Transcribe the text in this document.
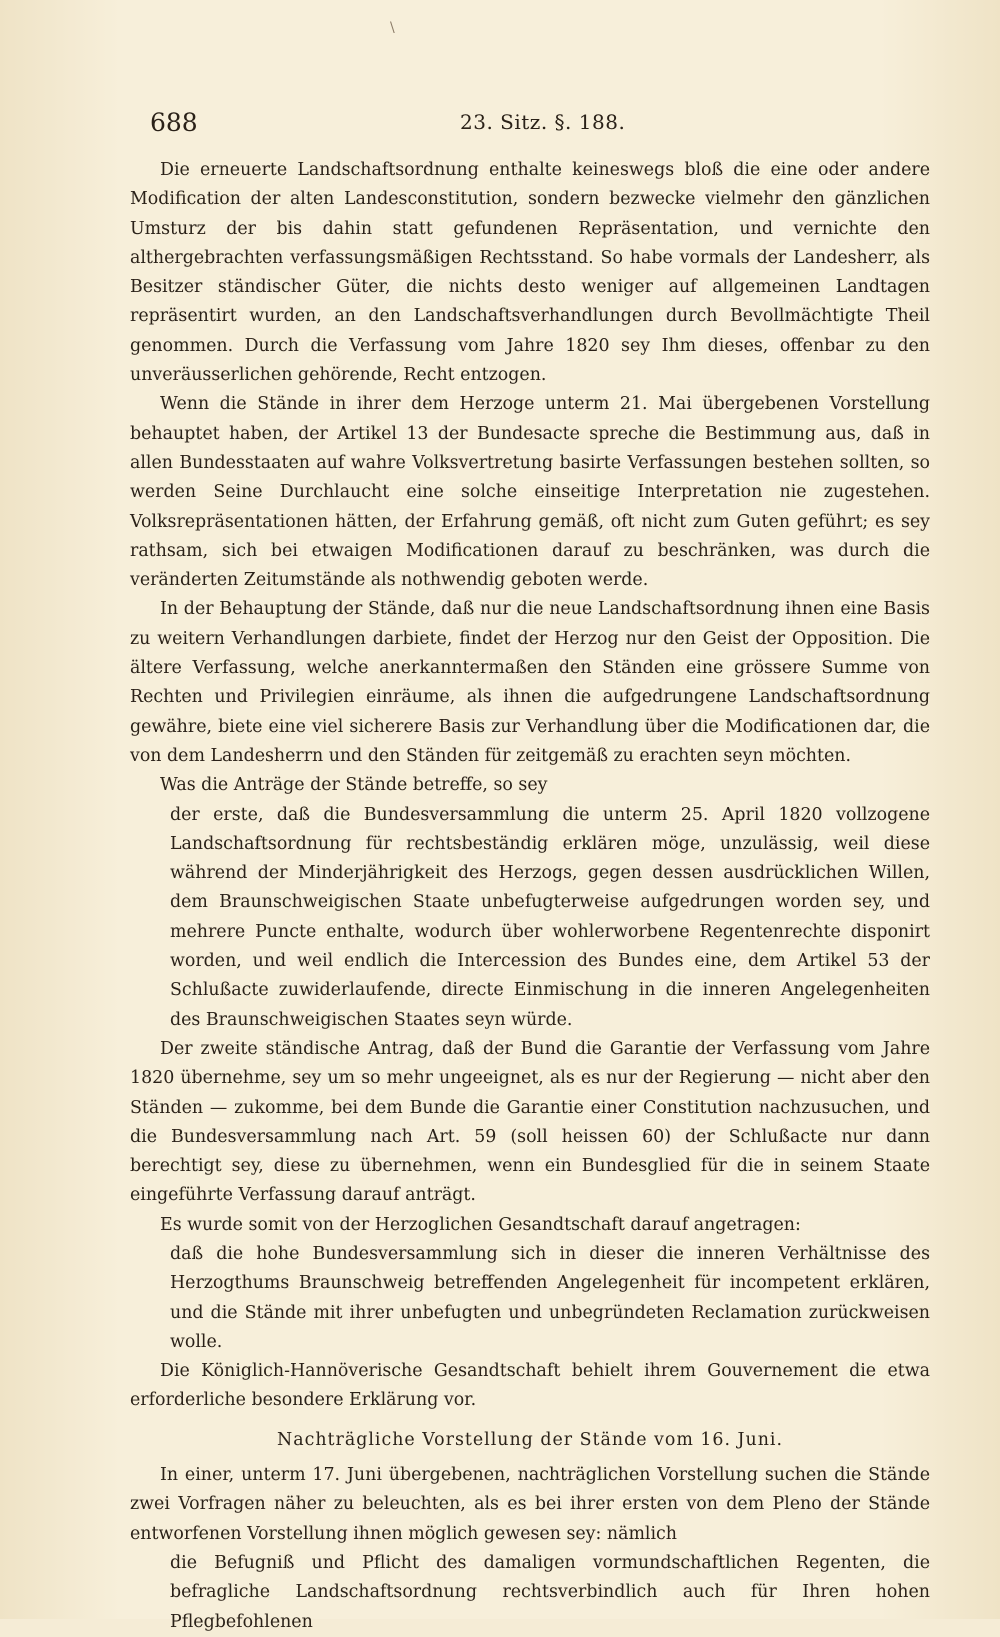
\
688	23. Sitz. §. 188.

Die erneuerte Landschaftsordnung enthalte keineswegs bloß die eine oder andere Modification der alten Landesconstitution, sondern bezwecke vielmehr den gänzlichen Umsturz der bis dahin statt gefundenen Repräsentation, und vernichte den althergebrachten verfassungsmäßigen Rechtsstand. So habe vormals der Landesherr, als Besitzer ständischer Güter, die nichts desto weniger auf allgemeinen Landtagen repräsentirt wurden, an den Landschaftsverhandlungen durch Bevollmächtigte Theil genommen. Durch die Verfassung vom Jahre 1820 sey Ihm dieses, offenbar zu den unveräusserlichen gehörende, Recht entzogen.

Wenn die Stände in ihrer dem Herzoge unterm 21. Mai übergebenen Vorstellung behauptet haben, der Artikel 13 der Bundesacte spreche die Bestimmung aus, daß in allen Bundesstaaten auf wahre Volksvertretung basirte Verfassungen bestehen sollten, so werden Seine Durchlaucht eine solche einseitige Interpretation nie zugestehen. Volksrepräsentationen hätten, der Erfahrung gemäß, oft nicht zum Guten geführt; es sey rathsam, sich bei etwaigen Modificationen darauf zu beschränken, was durch die veränderten Zeitumstände als nothwendig geboten werde.

In der Behauptung der Stände, daß nur die neue Landschaftsordnung ihnen eine Basis zu weitern Verhandlungen darbiete, findet der Herzog nur den Geist der Opposition. Die ältere Verfassung, welche anerkanntermaßen den Ständen eine grössere Summe von Rechten und Privilegien einräume, als ihnen die aufgedrungene Landschaftsordnung gewähre, biete eine viel sicherere Basis zur Verhandlung über die Modificationen dar, die von dem Landesherrn und den Ständen für zeitgemäß zu erachten seyn möchten.

Was die Anträge der Stände betreffe, so sey

der erste, daß die Bundesversammlung die unterm 25. April 1820 vollzogene Landschaftsordnung für rechtsbeständig erklären möge, unzulässig, weil diese während der Minderjährigkeit des Herzogs, gegen dessen ausdrücklichen Willen, dem Braunschweigischen Staate unbefugterweise aufgedrungen worden sey, und mehrere Puncte enthalte, wodurch über wohlerworbene Regentenrechte disponirt worden, und weil endlich die Intercession des Bundes eine, dem Artikel 53 der Schlußacte zuwiderlaufende, directe Einmischung in die inneren Angelegenheiten des Braunschweigischen Staates seyn würde.

Der zweite ständische Antrag, daß der Bund die Garantie der Verfassung vom Jahre 1820 übernehme, sey um so mehr ungeeignet, als es nur der Regierung — nicht aber den Ständen — zukomme, bei dem Bunde die Garantie einer Constitution nachzusuchen, und die Bundesversammlung nach Art. 59 (soll heissen 60) der Schlußacte nur dann berechtigt sey, diese zu übernehmen, wenn ein Bundesglied für die in seinem Staate eingeführte Verfassung darauf anträgt.

Es wurde somit von der Herzoglichen Gesandtschaft darauf angetragen:

daß die hohe Bundesversammlung sich in dieser die inneren Verhältnisse des Herzogthums Braunschweig betreffenden Angelegenheit für incompetent erklären, und die Stände mit ihrer unbefugten und unbegründeten Reclamation zurückweisen wolle.

Die Königlich-Hannöverische Gesandtschaft behielt ihrem Gouvernement die etwa erforderliche besondere Erklärung vor.

Nachträgliche Vorstellung der Stände vom 16. Juni.

In einer, unterm 17. Juni übergebenen, nachträglichen Vorstellung suchen die Stände zwei Vorfragen näher zu beleuchten, als es bei ihrer ersten von dem Pleno der Stände entworfenen Vorstellung ihnen möglich gewesen sey: nämlich

die Befugniß und Pflicht des damaligen vormundschaftlichen Regenten, die befragliche Landschaftsordnung rechtsverbindlich auch für Ihren hohen Pflegbefohlenen
